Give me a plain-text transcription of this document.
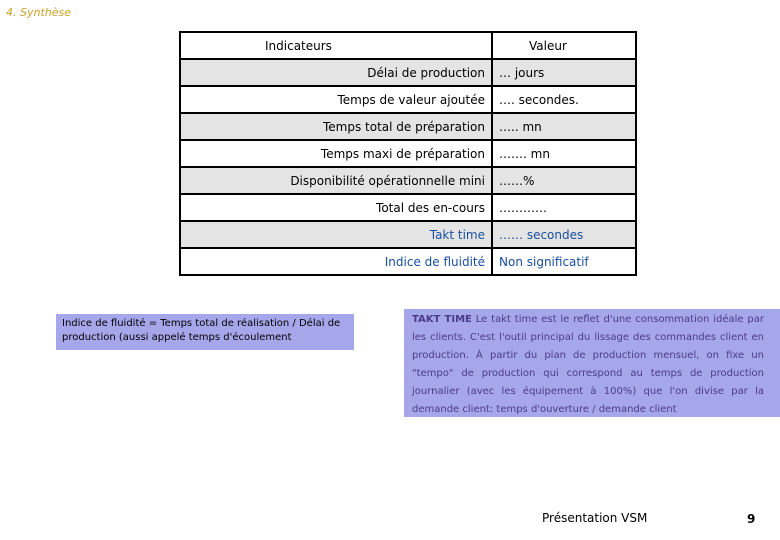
4. Synthèse
Indicateurs	Valeur
Délai de production	… jours
Temps de valeur ajoutée	…. secondes.
Temps total de préparation	….. mn
Temps maxi de préparation	……. mn
Disponibilité opérationnelle mini	……%
Total des en-cours	…………
Takt time	…… secondes
Indice de fluidité	Non significatif
Indice de fluidité = Temps total de réalisation / Délai de production (aussi appelé temps d'écoulement
TAKT TIME Le takt time est le reflet d'une consommation idéale par les clients. C'est l'outil principal du lissage des commandes client en production. À partir du plan de production mensuel, on fixe un "tempo" de production qui correspond au temps de production journalier (avec les équipement à 100%) que l'on divise par la demande client: temps d'ouverture / demande client
Présentation VSM	9
